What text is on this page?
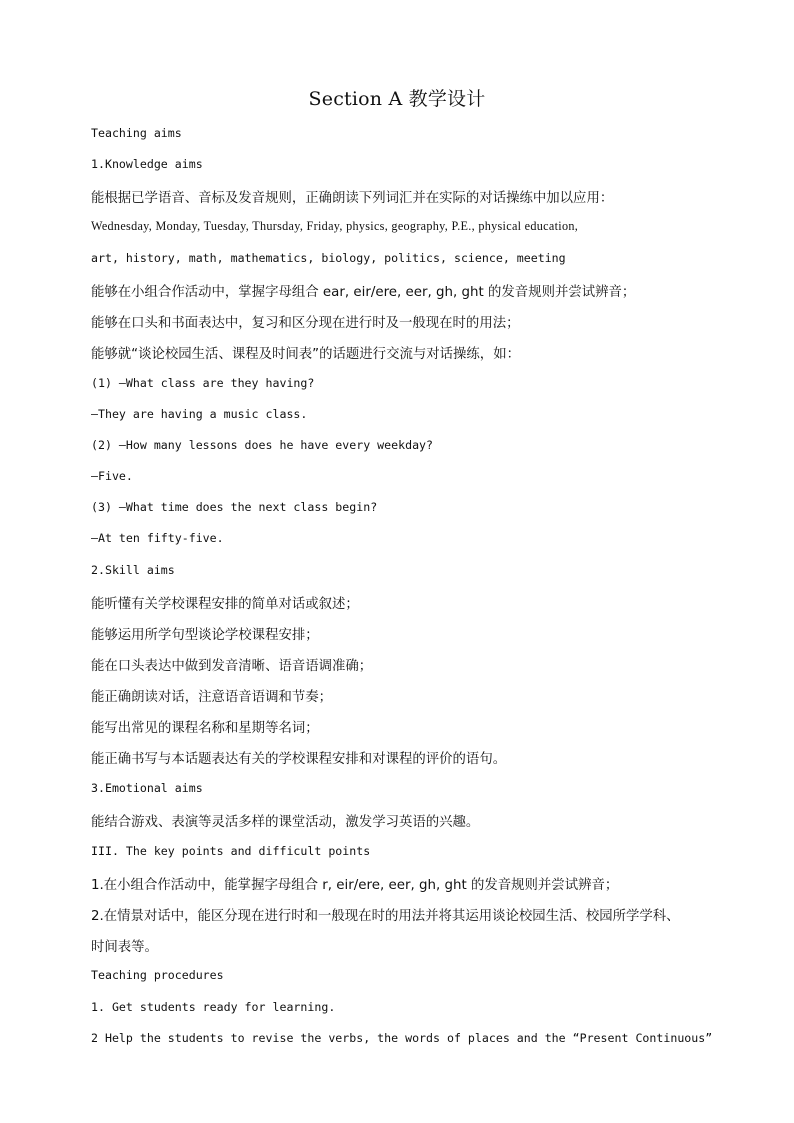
Section A 教学设计
Teaching aims
1.Knowledge aims
能根据已学语音、音标及发音规则，正确朗读下列词汇并在实际的对话操练中加以应用：
Wednesday, Monday, Tuesday, Thursday, Friday, physics, geography, P.E., physical education,
art, history, math, mathematics, biology, politics, science, meeting
能够在小组合作活动中，掌握字母组合 ear, eir/ere, eer, gh, ght 的发音规则并尝试辨音；
能够在口头和书面表达中，复习和区分现在进行时及一般现在时的用法；
能够就“谈论校园生活、课程及时间表”的话题进行交流与对话操练，如：
(1) —What class are they having?
—They are having a music class.
(2) —How many lessons does he have every weekday?
—Five.
(3) —What time does the next class begin?
—At ten fifty-five.
2.Skill aims
能听懂有关学校课程安排的简单对话或叙述；
能够运用所学句型谈论学校课程安排；
能在口头表达中做到发音清晰、语音语调准确；
能正确朗读对话，注意语音语调和节奏；
能写出常见的课程名称和星期等名词；
能正确书写与本话题表达有关的学校课程安排和对课程的评价的语句。
3.Emotional aims
能结合游戏、表演等灵活多样的课堂活动，激发学习英语的兴趣。
III. The key points and difficult points
1.在小组合作活动中，能掌握字母组合 r, eir/ere, eer, gh, ght 的发音规则并尝试辨音；
2.在情景对话中，能区分现在进行时和一般现在时的用法并将其运用谈论校园生活、校园所学学科、
时间表等。
Teaching procedures
1. Get students ready for learning.
2 Help the students to revise the verbs, the words of places and the “Present Continuous”
